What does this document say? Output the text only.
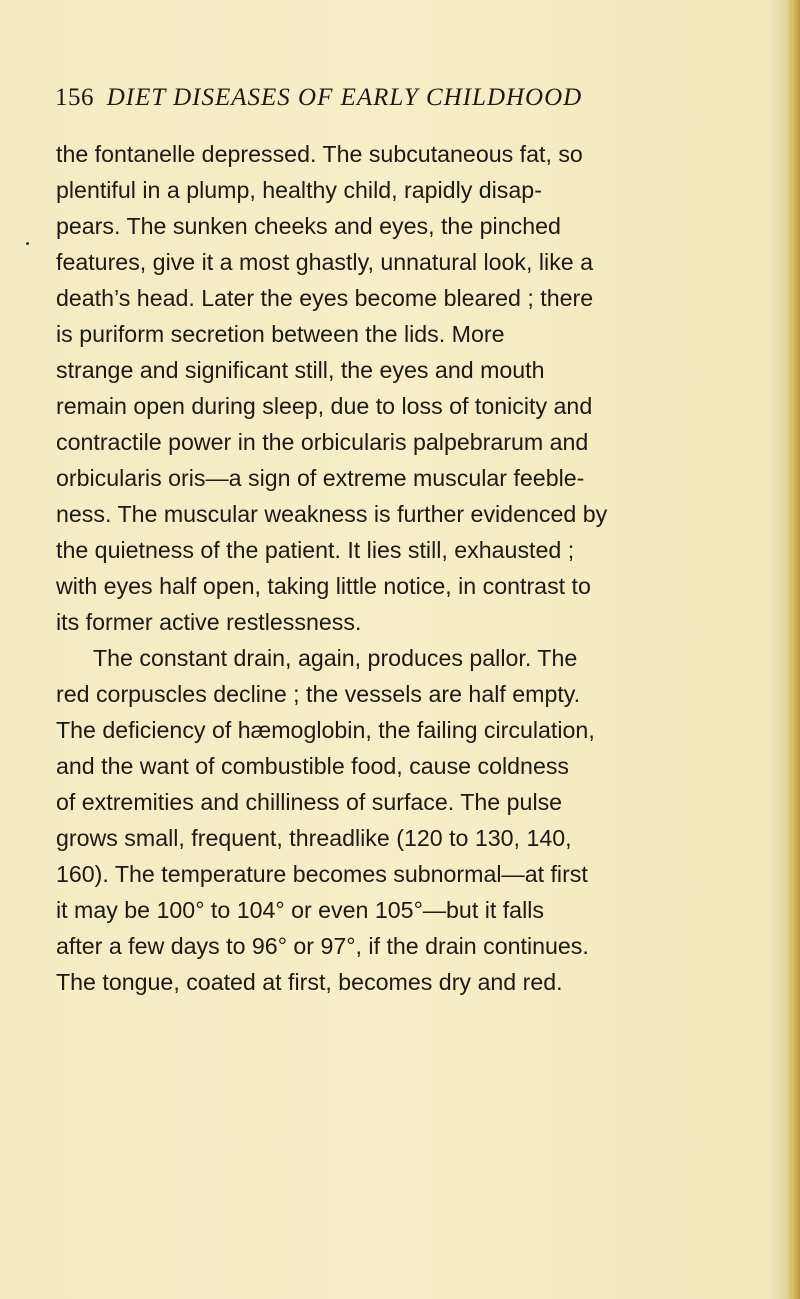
156 DIET DISEASES OF EARLY CHILDHOOD
the fontanelle depressed. The subcutaneous fat, so
plentiful in a plump, healthy child, rapidly disap-
pears. The sunken cheeks and eyes, the pinched
features, give it a most ghastly, unnatural look, like a
death’s head. Later the eyes become bleared ; there
is puriform secretion between the lids. More
strange and significant still, the eyes and mouth
remain open during sleep, due to loss of tonicity and
contractile power in the orbicularis palpebrarum and
orbicularis oris—a sign of extreme muscular feeble-
ness. The muscular weakness is further evidenced by
the quietness of the patient. It lies still, exhausted ;
with eyes half open, taking little notice, in contrast to
its former active restlessness.
The constant drain, again, produces pallor. The
red corpuscles decline ; the vessels are half empty.
The deficiency of hæmoglobin, the failing circulation,
and the want of combustible food, cause coldness
of extremities and chilliness of surface. The pulse
grows small, frequent, threadlike (120 to 130, 140,
160). The temperature becomes subnormal—at first
it may be 100° to 104° or even 105°—but it falls
after a few days to 96° or 97°, if the drain continues.
The tongue, coated at first, becomes dry and red.
